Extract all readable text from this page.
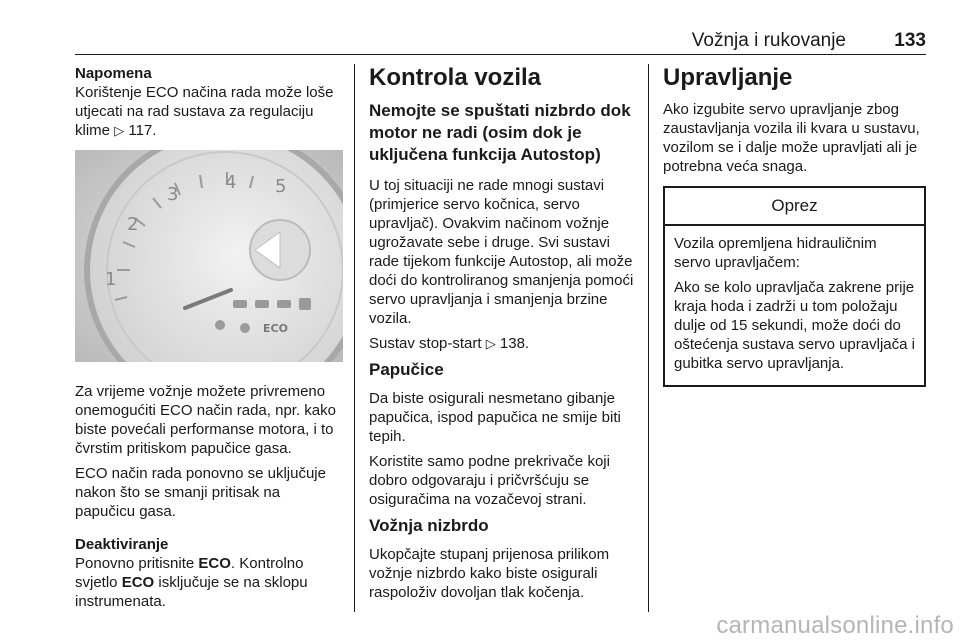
Vožnja i rukovanje	133
Napomena

Korištenje ECO načina rada može loše utjecati na rad sustava za regulaciju klime ▷ 117.

1
2
3
4 5
ECO

Za vrijeme vožnje možete privremeno onemogućiti ECO način rada, npr. kako biste povećali performanse motora, i to čvrstim pritiskom papučice gasa.

ECO način rada ponovno se uključuje nakon što se smanji pritisak na papučicu gasa.

Deaktiviranje

Ponovno pritisnite ECO. Kontrolno svjetlo ECO isključuje se na sklopu instrumenata.

Kontrola vozila
Nemojte se spuštati nizbrdo dok motor ne radi (osim dok je uključena funkcija Autostop)

U toj situaciji ne rade mnogi sustavi (primjerice servo kočnica, servo upravljač). Ovakvim načinom vožnje ugrožavate sebe i druge. Svi sustavi rade tijekom funkcije Autostop, ali može doći do kontroliranog smanjenja pomoći servo upravljanja i smanjenja brzine vozila.

Sustav stop-start ▷ 138.

Papučice

Da biste osigurali nesmetano gibanje papučica, ispod papučica ne smije biti tepih.

Koristite samo podne prekrivače koji dobro odgovaraju i pričvršćuju se osiguračima na vozačevoj strani.

Vožnja nizbrdo

Ukopčajte stupanj prijenosa prilikom vožnje nizbrdo kako biste osigurali raspoloživ dovoljan tlak kočenja.

Upravljanje

Ako izgubite servo upravljanje zbog zaustavljanja vozila ili kvara u sustavu, vozilom se i dalje može upravljati ali je potrebna veća snaga.

Oprez

Vozila opremljena hidrauličnim servo upravljačem:

Ako se kolo upravljača zakrene prije kraja hoda i zadrži u tom položaju dulje od 15 sekundi, može doći do oštećenja sustava servo upravljača i gubitka servo upravljanja.

carmanualsonline.info
